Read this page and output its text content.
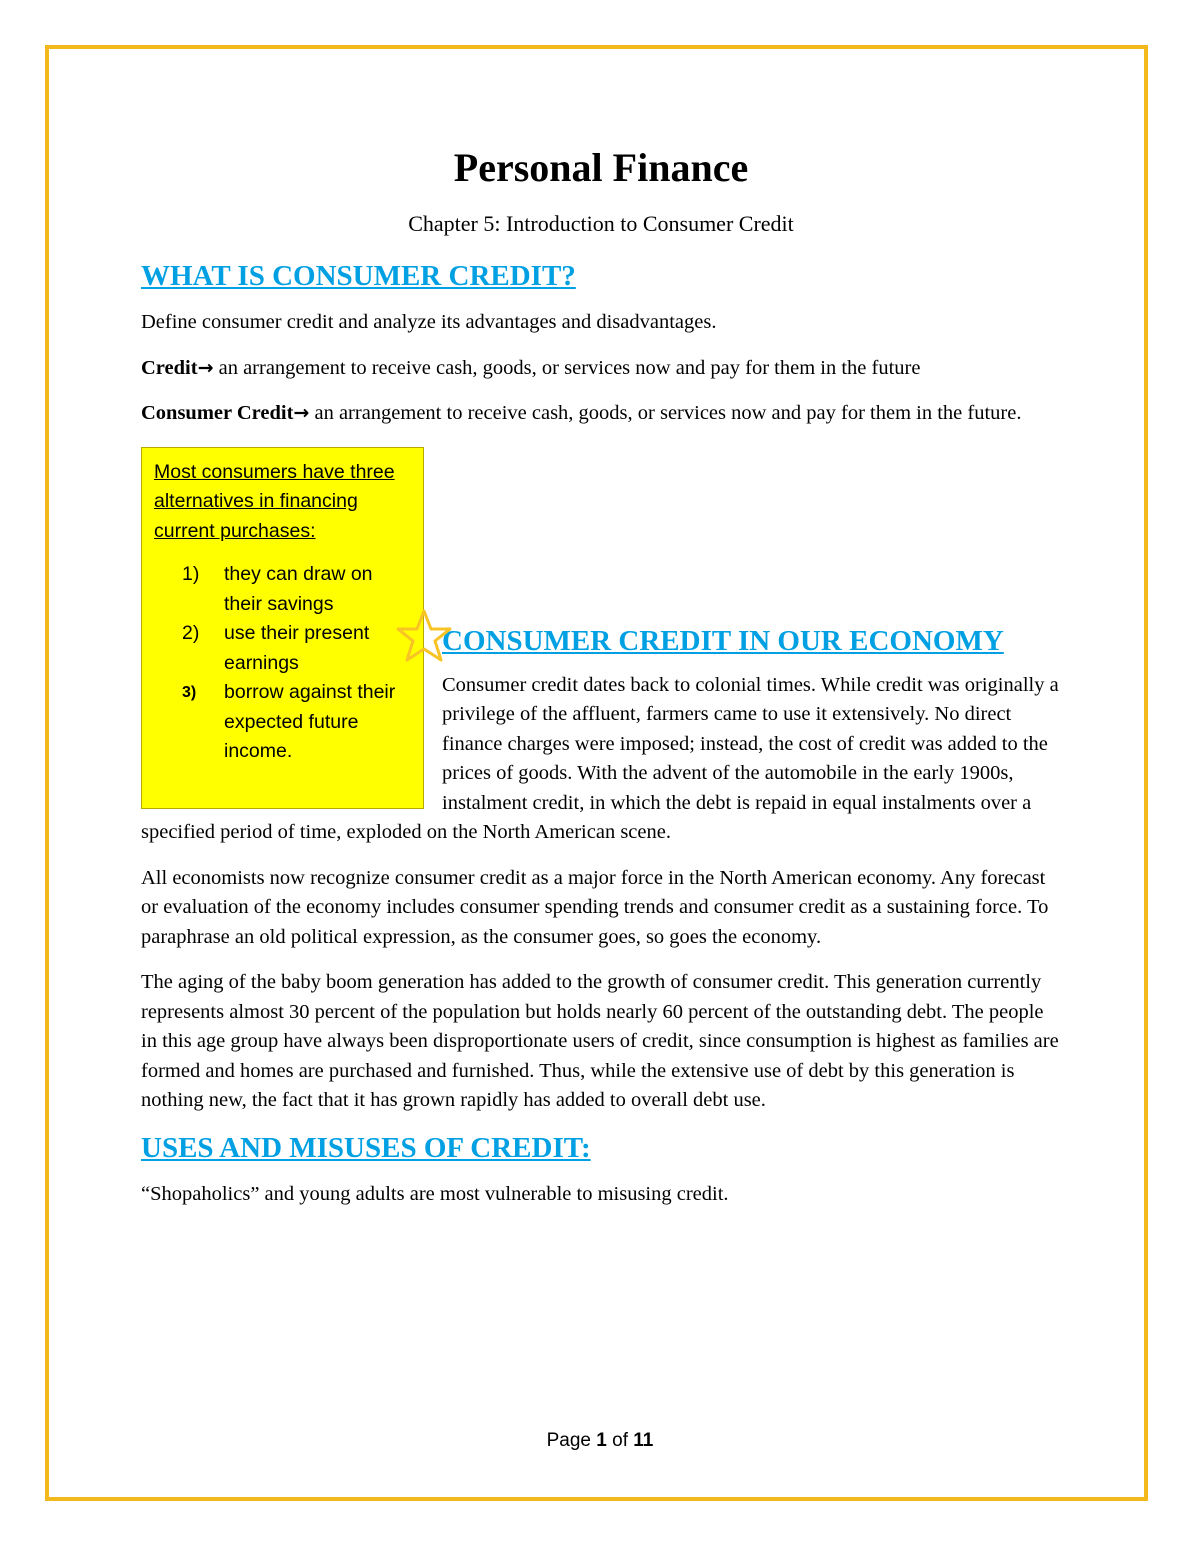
Personal Finance

Chapter 5: Introduction to Consumer Credit

WHAT IS CONSUMER CREDIT?

Define consumer credit and analyze its advantages and disadvantages.

Credit→ an arrangement to receive cash, goods, or services now and pay for them in the future

Consumer Credit→ an arrangement to receive cash, goods, or services now and pay for them in the future.

Most consumers have three alternatives in financing current purchases:

1)	they can draw on their savings
2)	use their present earnings
3)	borrow against their expected future income.
CONSUMER CREDIT IN OUR ECONOMY

Consumer credit dates back to colonial times. While credit was originally a privilege of the affluent, farmers came to use it extensively. No direct finance charges were imposed; instead, the cost of credit was added to the prices of goods. With the advent of the automobile in the early 1900s, instalment credit, in which the debt is repaid in equal instalments over a specified period of time, exploded on the North American scene.

All economists now recognize consumer credit as a major force in the North American economy. Any forecast or evaluation of the economy includes consumer spending trends and consumer credit as a sustaining force. To paraphrase an old political expression, as the consumer goes, so goes the economy.

The aging of the baby boom generation has added to the growth of consumer credit. This generation currently represents almost 30 percent of the population but holds nearly 60 percent of the outstanding debt. The people in this age group have always been disproportionate users of credit, since consumption is highest as families are formed and homes are purchased and furnished. Thus, while the extensive use of debt by this generation is nothing new, the fact that it has grown rapidly has added to overall debt use.

USES AND MISUSES OF CREDIT:

“Shopaholics” and young adults are most vulnerable to misusing credit.

Page 1 of 11
